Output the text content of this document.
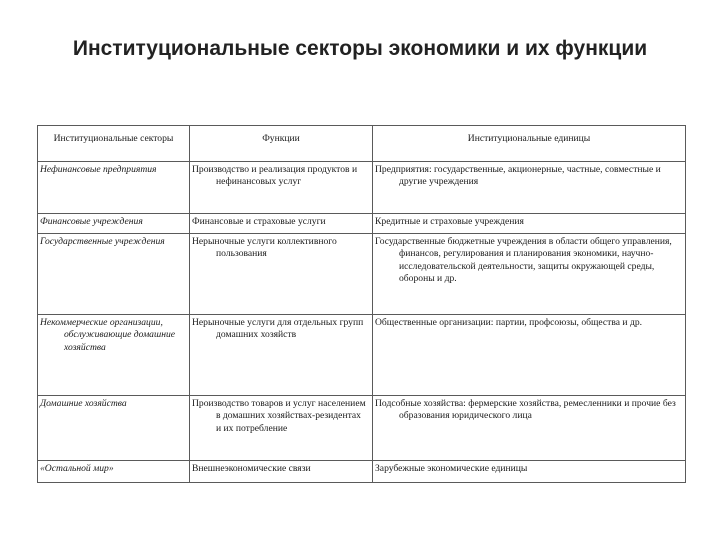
Институциональные секторы экономики и их функции
Институциональные секторы	Функции	Институциональные единицы
Нефинансовые предприятия	Производство и реализация продуктов и нефинансовых услуг	Предприятия: государственные, акционерные, частные, совместные и другие учреждения
Финансовые учреждения	Финансовые и страховые услуги	Кредитные и страховые учреждения
Государственные учреждения	Нерыночные услуги коллективного пользования	Государственные бюджетные учреждения в области общего управления, финансов, регулирования и планирования экономики, научно-исследовательской деятельности, защиты окружающей среды, обороны и др.
Некоммерческие организации, обслуживающие домашние хозяйства	Нерыночные услуги для отдельных групп домашних хозяйств	Общественные организации: партии, профсоюзы, общества и др.
Домашние хозяйства	Производство товаров и услуг населением в домашних хозяйствах-резидентах и их потребление	Подсобные хозяйства: фермерские хозяйства, ремесленники и прочие без образования юридического лица
«Остальной мир»	Внешнеэкономические связи	Зарубежные экономические единицы
